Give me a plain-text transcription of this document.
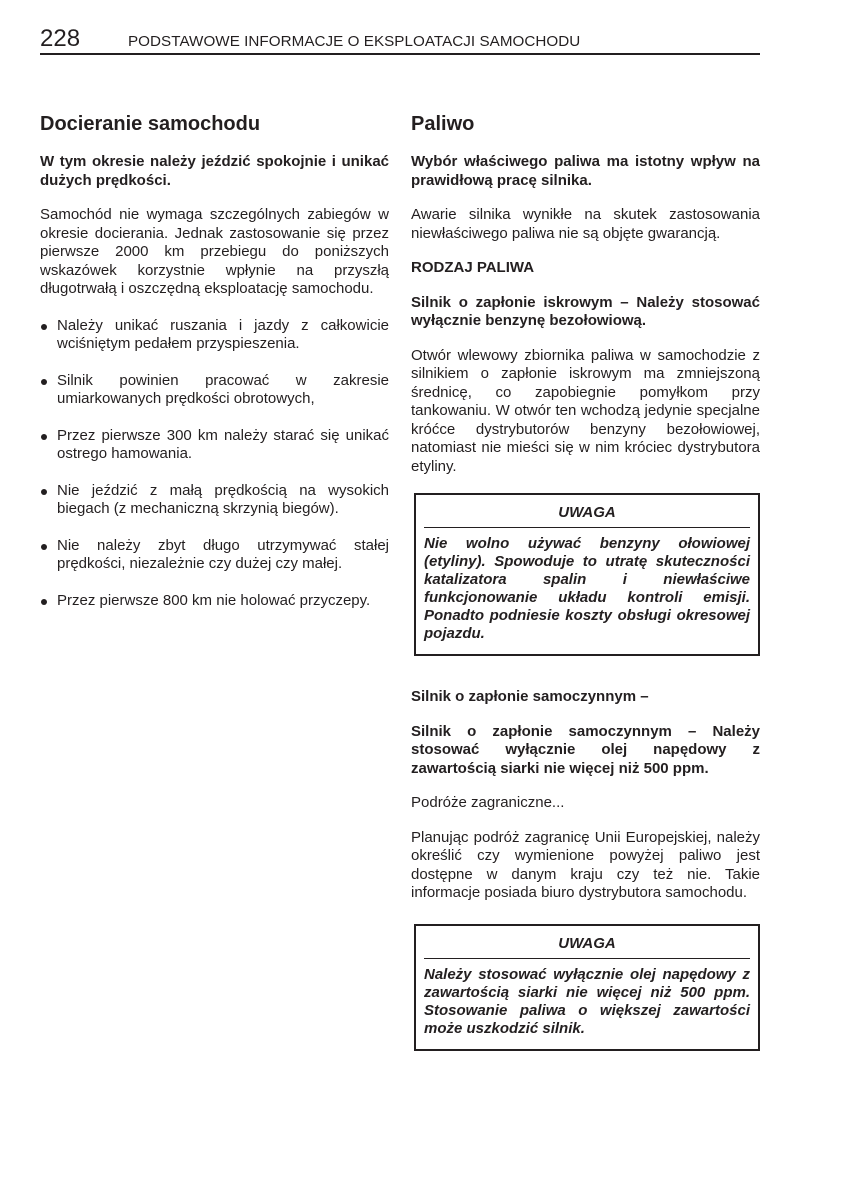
228	PODSTAWOWE INFORMACJE O EKSPLOATACJI SAMOCHODU
Docieranie samochodu

W tym okresie należy jeździć spokojnie i unikać dużych prędkości.

Samochód nie wymaga szczególnych zabiegów w okresie docierania. Jednak zastosowanie się przez pierwsze 2000 km przebiegu do poniższych wskazówek korzystnie wpłynie na przyszłą długotrwałą i oszczędną eksploatację samochodu.

Należy unikać ruszania i jazdy z całkowicie wciśniętym pedałem przyspieszenia.
Silnik powinien pracować w zakresie umiarkowanych prędkości obrotowych,
Przez pierwsze 300 km należy starać się unikać ostrego hamowania.
Nie jeździć z małą prędkością na wysokich biegach (z mechaniczną skrzynią biegów).
Nie należy zbyt długo utrzymywać stałej prędkości, niezależnie czy dużej czy małej.
Przez pierwsze 800 km nie holować przyczepy.
Paliwo

Wybór właściwego paliwa ma istotny wpływ na prawidłową pracę silnika.

Awarie silnika wynikłe na skutek zastosowania niewłaściwego paliwa nie są objęte gwarancją.

RODZAJ PALIWA

Silnik o zapłonie iskrowym – Należy stosować wyłącznie benzynę bezołowiową.

Otwór wlewowy zbiornika paliwa w samochodzie z silnikiem o zapłonie iskrowym ma zmniejszoną średnicę, co zapobiegnie pomyłkom przy tankowaniu. W otwór ten wchodzą jedynie specjalne króćce dystrybutorów benzyny bezołowiowej, natomiast nie mieści się w nim króciec dystrybutora etyliny.

UWAGA

Nie wolno używać benzyny ołowiowej (etyliny). Spowoduje to utratę skuteczności katalizatora spalin i niewłaściwe funkcjonowanie układu kontroli emisji. Ponadto podniesie koszty obsługi okresowej pojazdu.

Silnik o zapłonie samoczynnym –

Silnik o zapłonie samoczynnym – Należy stosować wyłącznie olej napędowy z zawartością siarki nie więcej niż 500 ppm.

Podróże zagraniczne...

Planując podróż zagranicę Unii Europejskiej, należy określić czy wymienione powyżej paliwo jest dostępne w danym kraju czy też nie. Takie informacje posiada biuro dystrybutora samochodu.

UWAGA

Należy stosować wyłącznie olej napędowy z zawartością siarki nie więcej niż 500 ppm. Stosowanie paliwa o większej zawartości może uszkodzić silnik.
